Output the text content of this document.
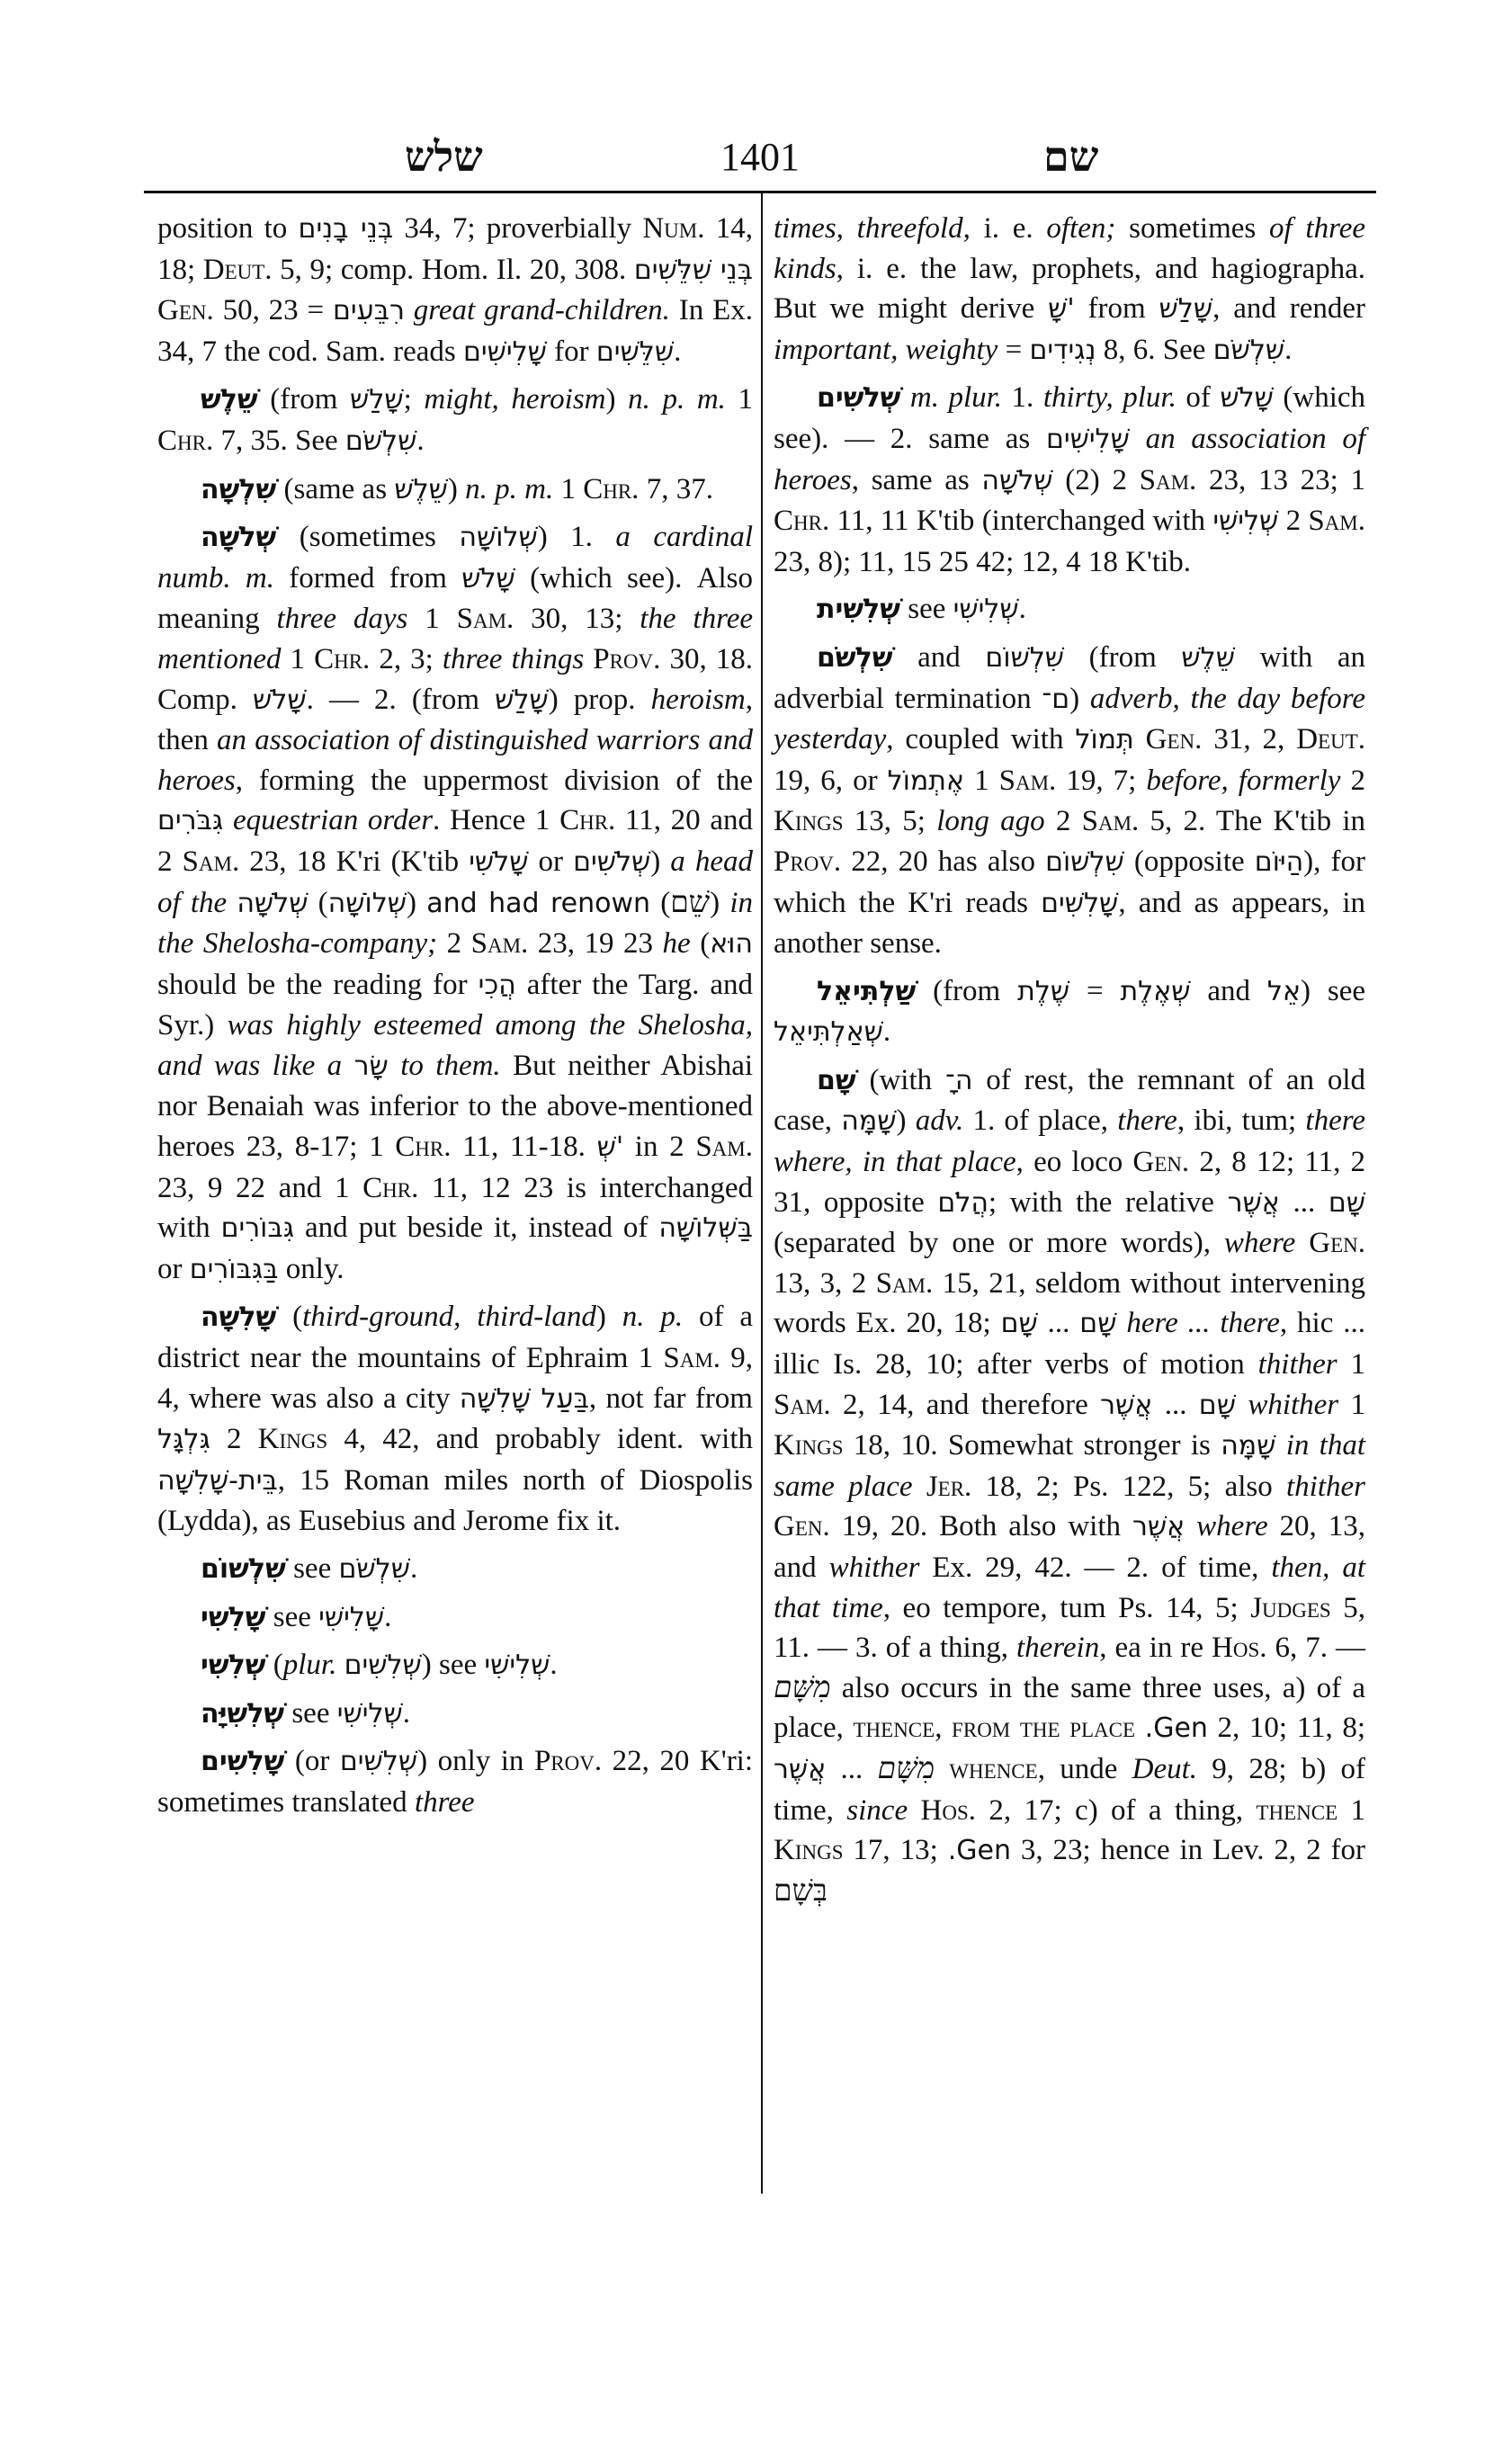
שלש	1401	שם

position to בְּנֵי בָנִים 34, 7; proverbially Num. 14, 18; Deut. 5, 9; comp. Hom. Il. 20, 308. בְּנֵי שִׁלֵּשִׁים Gen. 50, 23 = רִבֵּעִים great grand-children. In Ex. 34, 7 the cod. Sam. reads שָׁלִישִׁים for שִׁלֵּשִׁים.

שֵׁלֶשׁ (from שָׁלַשׁ; might, heroism) n. p. m. 1 Chr. 7, 35. See שִׁלְשֹׁם.

שִׁלְשָׁה (same as שֵׁלֶשׁ) n. p. m. 1 Chr. 7, 37.

שְׁלֹשָׁה (sometimes שְׁלוֹשָׁה) 1. a cardinal numb. m. formed from שָׁלֹשׁ (which see). Also meaning three days 1 Sam. 30, 13; the three mentioned 1 Chr. 2, 3; three things Prov. 30, 18. Comp. שָׁלֹשׁ. — 2. (from שָׁלַשׁ) prop. heroism, then an association of distinguished warriors and heroes, forming the uppermost division of the גִּבֹּרִים equestrian order. Hence 1 Chr. 11, 20 and 2 Sam. 23, 18 K'ri (K'tib שָׁלֹשִׁי or שְׁלֹשִׁים) a head of the שְׁלֹשָׁה (שְׁלוֹשָׁה) and had renown (שֵׁם) in the Shelosha-company; 2 Sam. 23, 19 23 he (הוּא should be the reading for הֲכִי after the Targ. and Syr.) was highly esteemed among the Shelosha, and was like a שָׂר to them. But neither Abishai nor Benaiah was inferior to the above-mentioned heroes 23, 8-17; 1 Chr. 11, 11-18. 'שְׁ in 2 Sam. 23, 9 22 and 1 Chr. 11, 12 23 is interchanged with גִּבּוֹרִים and put beside it, instead of בַּשְּׁלוֹשָׁה or בַּגִּבּוֹרִים only.

שָׁלִשָׁה (third-ground, third-land) n. p. of a district near the mountains of Ephraim 1 Sam. 9, 4, where was also a city בַּעַל שָׁלִשָׁה, not far from גִּלְגָּל 2 Kings 4, 42, and probably ident. with בֵּית-שָׁלִשָׁה, 15 Roman miles north of Diospolis (Lydda), as Eusebius and Jerome fix it.

שִׁלְשׁוֹם see שִׁלְשֹׁם.

שָׁלִשִׁי see שָׁלִישִׁי.

שְׁלִשִׁי (plur. שְׁלִשִׁים) see שְׁלִישִׁי.

שְׁלִשִׁיָּה see שְׁלִישִׁי.

שָׁלִשִׁים (or שְׁלִשִׁים) only in Prov. 22, 20 K'ri: sometimes translated three

times, threefold, i. e. often; sometimes of three kinds, i. e. the law, prophets, and hagiographa. But we might derive 'שָׁ from שָׁלַשׁ, and render important, weighty = נְגִידִים 8, 6. See שִׁלְשֹׁם.

שְׁלֹשִׁים m. plur. 1. thirty, plur. of שָׁלֹשׁ (which see). — 2. same as שָׁלִישִׁים an association of heroes, same as שְׁלֹשָׁה (2) 2 Sam. 23, 13 23; 1 Chr. 11, 11 K'tib (interchanged with שְׁלִישִׁי 2 Sam. 23, 8); 11, 15 25 42; 12, 4 18 K'tib.

שְׁלִשִׁית see שְׁלִישִׁי.

שִׁלְשֹׁם and שִׁלְשׁוֹם (from שֵׁלֶשׁ with an adverbial termination ם־) adverb, the day before yesterday, coupled with תְּמוֹל Gen. 31, 2, Deut. 19, 6, or אֶתְמוֹל 1 Sam. 19, 7; before, formerly 2 Kings 13, 5; long ago 2 Sam. 5, 2. The K'tib in Prov. 22, 20 has also שִׁלְשׁוֹם (opposite הַיּוֹם), for which the K'ri reads שָׁלִשִׁים, and as appears, in another sense.

שַׁלְתִּיאֵל (from שֶׁלֶת = שְׁאֶלֶת and אֵל) see שְׁאַלְתִּיאֵל.

שָׁם (with ה־ָ of rest, the remnant of an old case, שָׁמָּה) adv. 1. of place, there, ibi, tum; there where, in that place, eo loco Gen. 2, 8 12; 11, 2 31, opposite הֲלֹם; with the relative אֲשֶׁר ... שָׁם (separated by one or more words), where Gen. 13, 3, 2 Sam. 15, 21, seldom without intervening words Ex. 20, 18; שָׁם ... שָׁם here ... there, hic ... illic Is. 28, 10; after verbs of motion thither 1 Sam. 2, 14, and therefore אֲשֶׁר ... שָׁם whither 1 Kings 18, 10. Somewhat stronger is שָׁמָּה in that same place Jer. 18, 2; Ps. 122, 5; also thither Gen. 19, 20. Both also with אֲשֶׁר where 20, 13, and whither Ex. 29, 42. — 2. of time, then, at that time, eo tempore, tum Ps. 14, 5; Judges 5, 11. — 3. of a thing, therein, ea in re Hos. 6, 7. — מִשָּׁם also occurs in the same three uses, a) of a place, thence, from the place Gen. 2, 10; 11, 8; אֲשֶׁר ... מִשָּׁם whence, unde Deut. 9, 28; b) of time, since Hos. 2, 17; c) of a thing, thence 1 Kings 17, 13; Gen. 3, 23; hence in Lev. 2, 2 for בְּשָׁם
